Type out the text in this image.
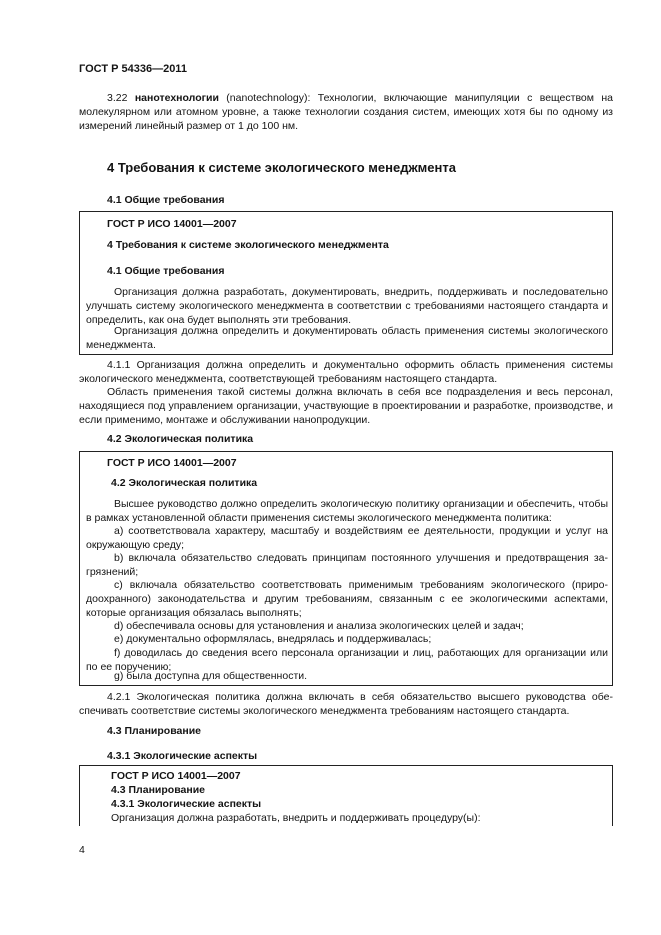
ГОСТ Р 54336—2011
3.22 нанотехнологии (nanotechnology): Технологии, включающие манипуляции с веществом на молекулярном или атомном уровне, а также технологии создания систем, имеющих хотя бы по одному из измерений линейный размер от 1 до 100 нм.
4 Требования к системе экологического менеджмента
4.1 Общие требования
ГОСТ Р ИСО 14001—2007
4 Требования к системе экологического менеджмента
4.1 Общие требования
Организация должна разработать, документировать, внедрить, поддерживать и последовательно улучшать систему экологического менеджмента в соответствии с требованиями настоящего стандарта и определить, как она будет выполнять эти требования.
Организация должна определить и документировать область применения системы экологического менеджмента.
4.1.1 Организация должна определить и документально оформить область применения системы экологического менеджмента, соответствующей требованиям настоящего стандарта.
Область применения такой системы должна включать в себя все подразделения и весь персонал, находящиеся под управлением организации, участвующие в проектировании и разработке, производстве, и если применимо, монтаже и обслуживании нанопродукции.
4.2 Экологическая политика
ГОСТ Р ИСО 14001—2007
4.2 Экологическая политика
Высшее руководство должно определить экологическую политику организации и обеспечить, чтобы в рамках установленной области применения системы экологического менеджмента политика:
a) соответствовала характеру, масштабу и воздействиям ее деятельности, продукции и услуг на окружающую среду;
b) включала обязательство следовать принципам постоянного улучшения и предотвращения загрязнений;
c) включала обязательство соответствовать применимым требованиям экологического (природоохранного) законодательства и другим требованиям, связанным с ее экологическими аспектами, которые организация обязалась выполнять;
d) обеспечивала основы для установления и анализа экологических целей и задач;
e) документально оформлялась, внедрялась и поддерживалась;
f) доводилась до сведения всего персонала организации и лиц, работающих для организации или по ее поручению;
g) была доступна для общественности.
4.2.1 Экологическая политика должна включать в себя обязательство высшего руководства обеспечивать соответствие системы экологического менеджмента требованиям настоящего стандарта.
4.3 Планирование
4.3.1 Экологические аспекты
ГОСТ Р ИСО 14001—2007
4.3 Планирование
4.3.1 Экологические аспекты
Организация должна разработать, внедрить и поддерживать процедуру(ы):
4
